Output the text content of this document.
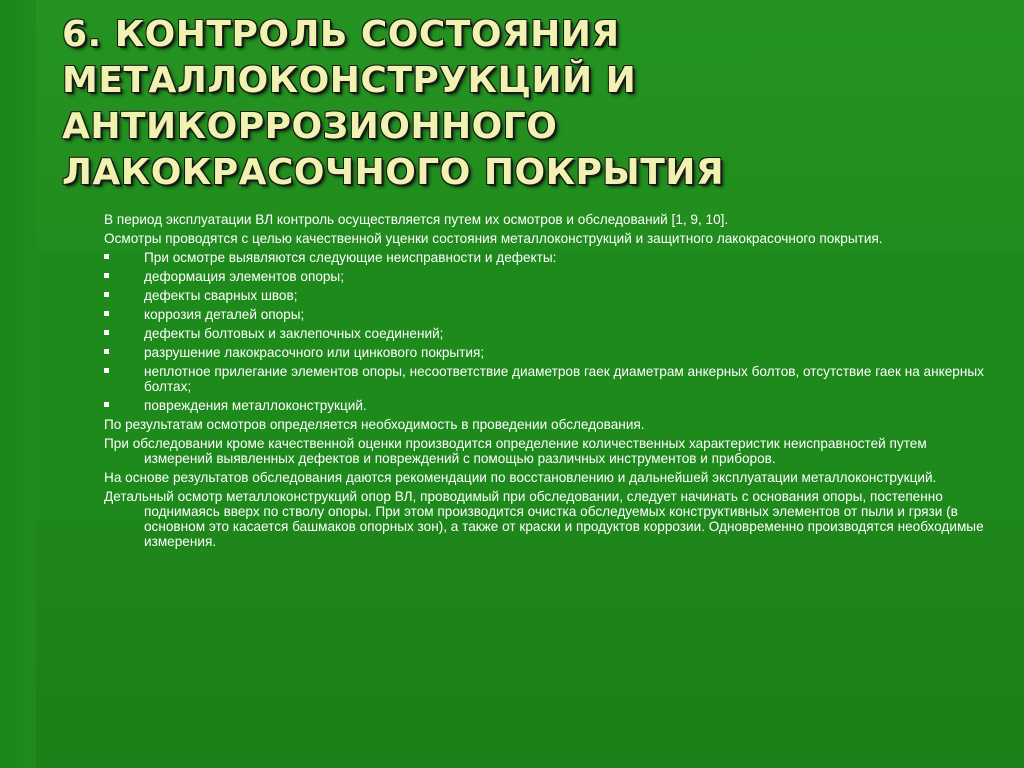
6. КОНТРОЛЬ СОСТОЯНИЯ
МЕТАЛЛОКОНСТРУКЦИЙ И
АНТИКОРРОЗИОННОГО
ЛАКОКРАСОЧНОГО ПОКРЫТИЯ
В период эксплуатации ВЛ контроль осуществляется путем их осмотров и обследований [1, 9, 10].
Осмотры проводятся с целью качественной уценки состояния металлоконструкций и защитного лакокрасочного покрытия.
При осмотре выявляются следующие неисправности и дефекты:
деформация элементов опоры;
дефекты сварных швов;
коррозия деталей опоры;
дефекты болтовых и заклепочных соединений;
разрушение лакокрасочного или цинкового покрытия;
неплотное прилегание элементов опоры, несоответствие диаметров гаек диаметрам анкерных болтов, отсутствие гаек на анкерных болтах;
повреждения металлоконструкций.
По результатам осмотров определяется необходимость в проведении обследования.
При обследовании кроме качественной оценки производится определение количественных характеристик неисправностей путем измерений выявленных дефектов и повреждений с помощью различных инструментов и приборов.
На основе результатов обследования даются рекомендации по восстановлению и дальнейшей эксплуатации металлоконструкций.
Детальный осмотр металлоконструкций опор ВЛ, проводимый при обследовании, следует начинать с основания опоры, постепенно поднимаясь вверх по стволу опоры. При этом производится очистка обследуемых конструктивных элементов от пыли и грязи (в основном это касается башмаков опорных зон), а также от краски и продуктов коррозии. Одновременно производятся необходимые измерения.
